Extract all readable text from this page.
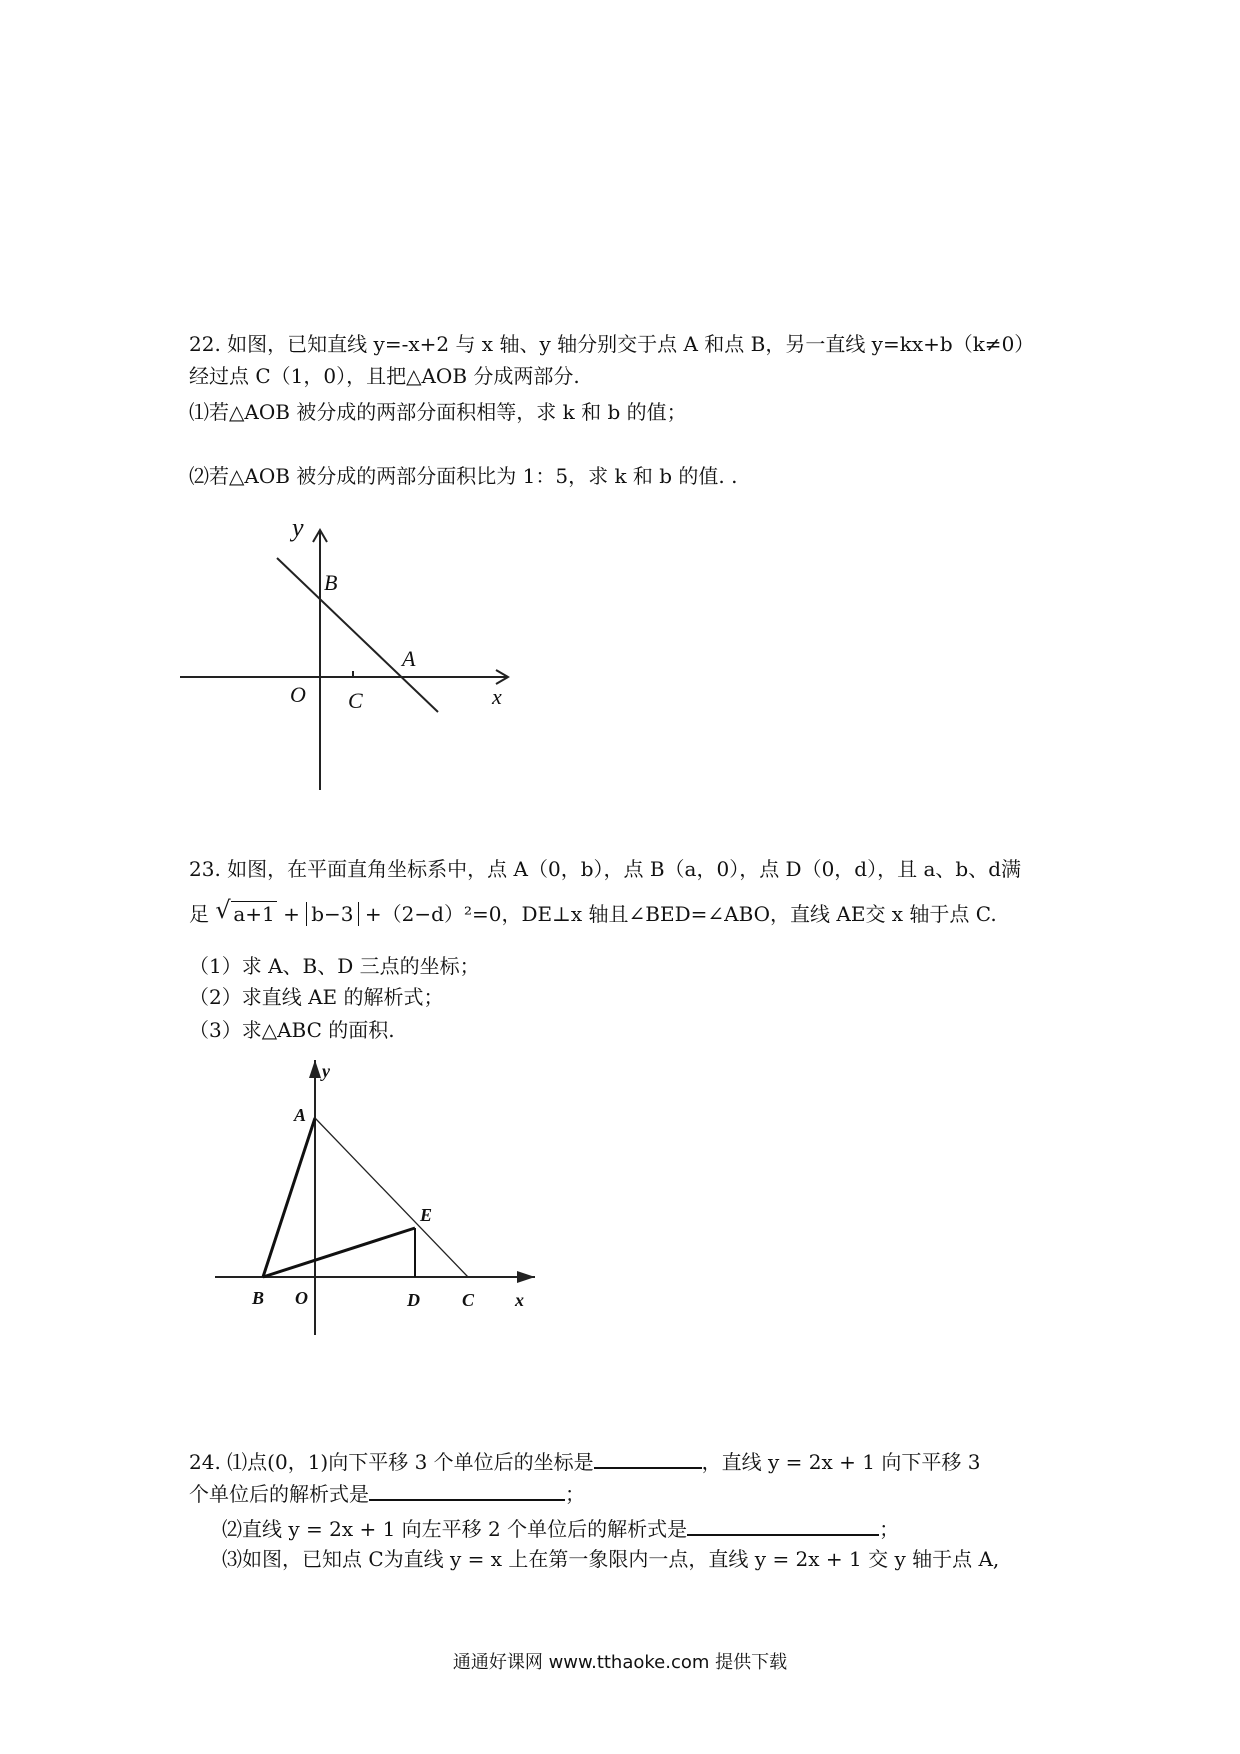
22. 如图，已知直线 y=-x+2 与 x 轴、y 轴分别交于点 A 和点 B，另一直线 y=kx+b（k≠0）
经过点 C（1，0），且把△AOB 分成两部分.
⑴若△AOB 被分成的两部分面积相等，求 k 和 b 的值；
⑵若△AOB 被分成的两部分面积比为 1：5，求 k 和 b 的值. .
y
B
A
O C	x
23. 如图，在平面直角坐标系中，点 A（0，b），点 B（a，0），点 D（0，d），且 a、b、d满
足 √ a+1 + b−3 +（2−d）²=0，DE⊥x 轴且∠BED=∠ABO，直线 AE交 x 轴于点 C.
（1）求 A、B、D 三点的坐标；
（2）求直线 AE 的解析式；
（3）求△ABC 的面积.
A
y
E
B O	D C x
24. ⑴点(0，1)向下平移 3 个单位后的坐标是	，直线 y = 2x + 1 向下平移 3
个单位后的解析式是	；
⑵直线 y = 2x + 1 向左平移 2 个单位后的解析式是	；
⑶如图，已知点 C为直线 y = x 上在第一象限内一点，直线 y = 2x + 1 交 y 轴于点 A,
通通好课网 www.tthaoke.com 提供下载
